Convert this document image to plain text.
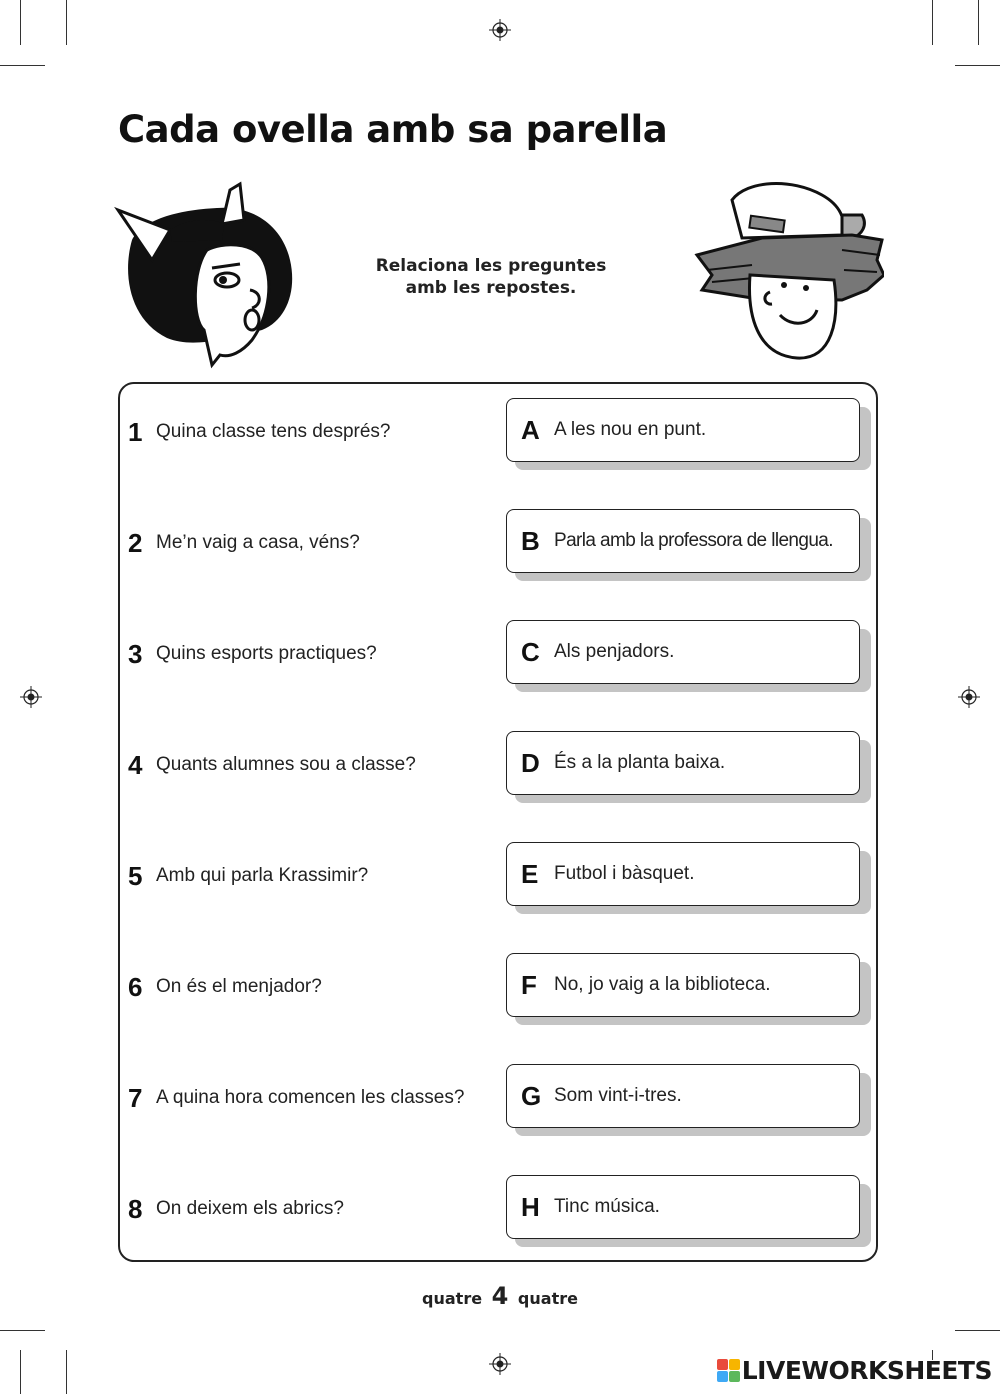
Cada ovella amb sa parella
Relaciona les preguntes
amb les repostes.
1 Quina classe tens després?
2 Me’n vaig a casa, véns?
3 Quins esports practiques?
4 Quants alumnes sou a classe?
5 Amb qui parla Krassimir?
6 On és el menjador?
7 A quina hora comencen les classes?
8 On deixem els abrics?
A A les nou en punt.
B Parla amb la professora de llengua.
C Als penjadors.
D És a la planta baixa.
E Futbol i bàsquet.
F No, jo vaig a la biblioteca.
G Som vint-i-tres.
H Tinc música.
quatre 4 quatre
LIVEWORKSHEETS
